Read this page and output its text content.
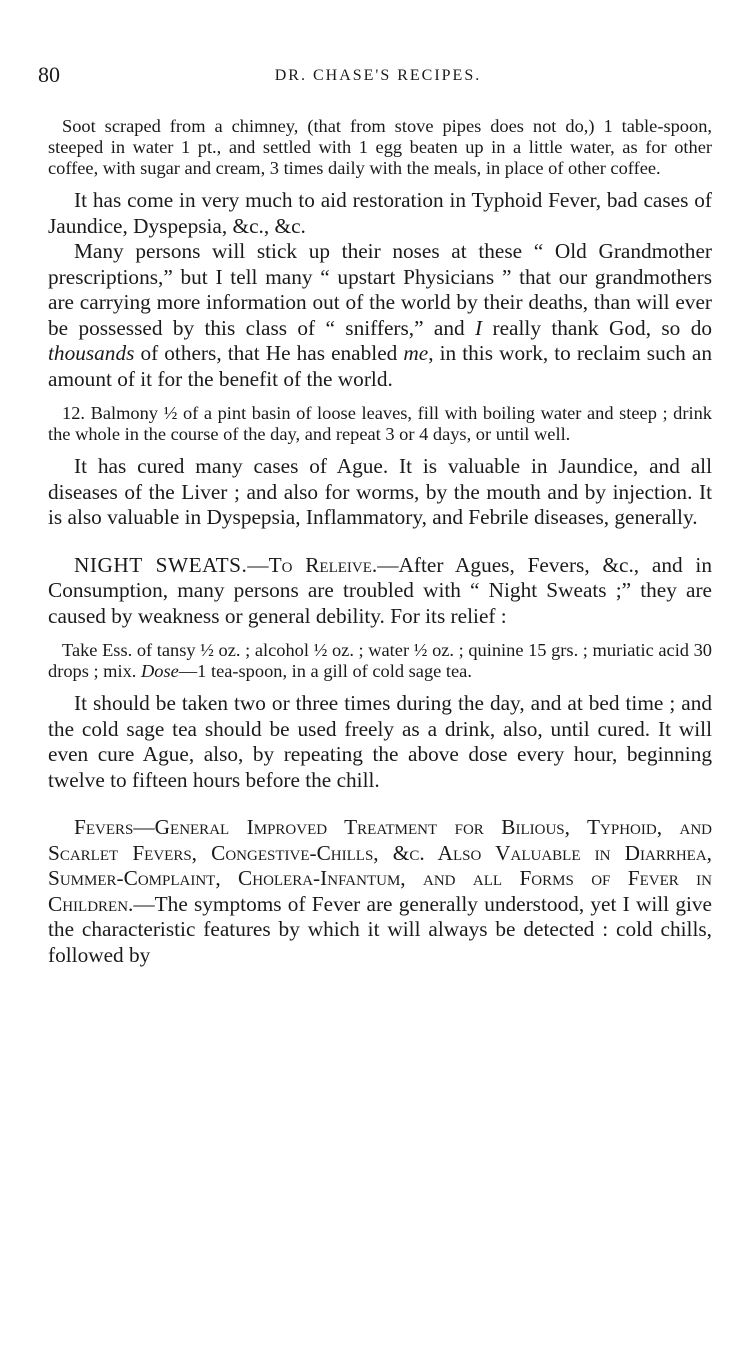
80	DR. CHASE'S RECIPES.

Soot scraped from a chimney, (that from stove pipes does not do,) 1 table-spoon, steeped in water 1 pt., and settled with 1 egg beaten up in a little water, as for other coffee, with sugar and cream, 3 times daily with the meals, in place of other coffee.

It has come in very much to aid restoration in Typhoid Fever, bad cases of Jaundice, Dyspepsia, &c., &c.

Many persons will stick up their noses at these “ Old Grandmother prescriptions,” but I tell many “ upstart Physicians ” that our grandmothers are carrying more information out of the world by their deaths, than will ever be possessed by this class of “ sniffers,” and I really thank God, so do thousands of others, that He has enabled me, in this work, to reclaim such an amount of it for the benefit of the world.

12. Balmony ½ of a pint basin of loose leaves, fill with boiling water and steep ; drink the whole in the course of the day, and repeat 3 or 4 days, or until well.

It has cured many cases of Ague. It is valuable in Jaundice, and all diseases of the Liver ; and also for worms, by the mouth and by injection. It is also valuable in Dyspepsia, Inflammatory, and Febrile diseases, generally.

NIGHT SWEATS.—To Releive.—After Agues, Fevers, &c., and in Consumption, many persons are troubled with “ Night Sweats ;” they are caused by weakness or general debility. For its relief :

Take Ess. of tansy ½ oz. ; alcohol ½ oz. ; water ½ oz. ; quinine 15 grs. ; muriatic acid 30 drops ; mix. Dose—1 tea-spoon, in a gill of cold sage tea.

It should be taken two or three times during the day, and at bed time ; and the cold sage tea should be used freely as a drink, also, until cured. It will even cure Ague, also, by repeating the above dose every hour, beginning twelve to fifteen hours before the chill.

Fevers—General Improved Treatment for Bilious, Typhoid, and Scarlet Fevers, Congestive-Chills, &c. Also Valuable in Diarrhea, Summer-Complaint, Cholera-Infantum, and all Forms of Fever in Children.—The symptoms of Fever are generally understood, yet I will give the characteristic features by which it will always be detected : cold chills, followed by
